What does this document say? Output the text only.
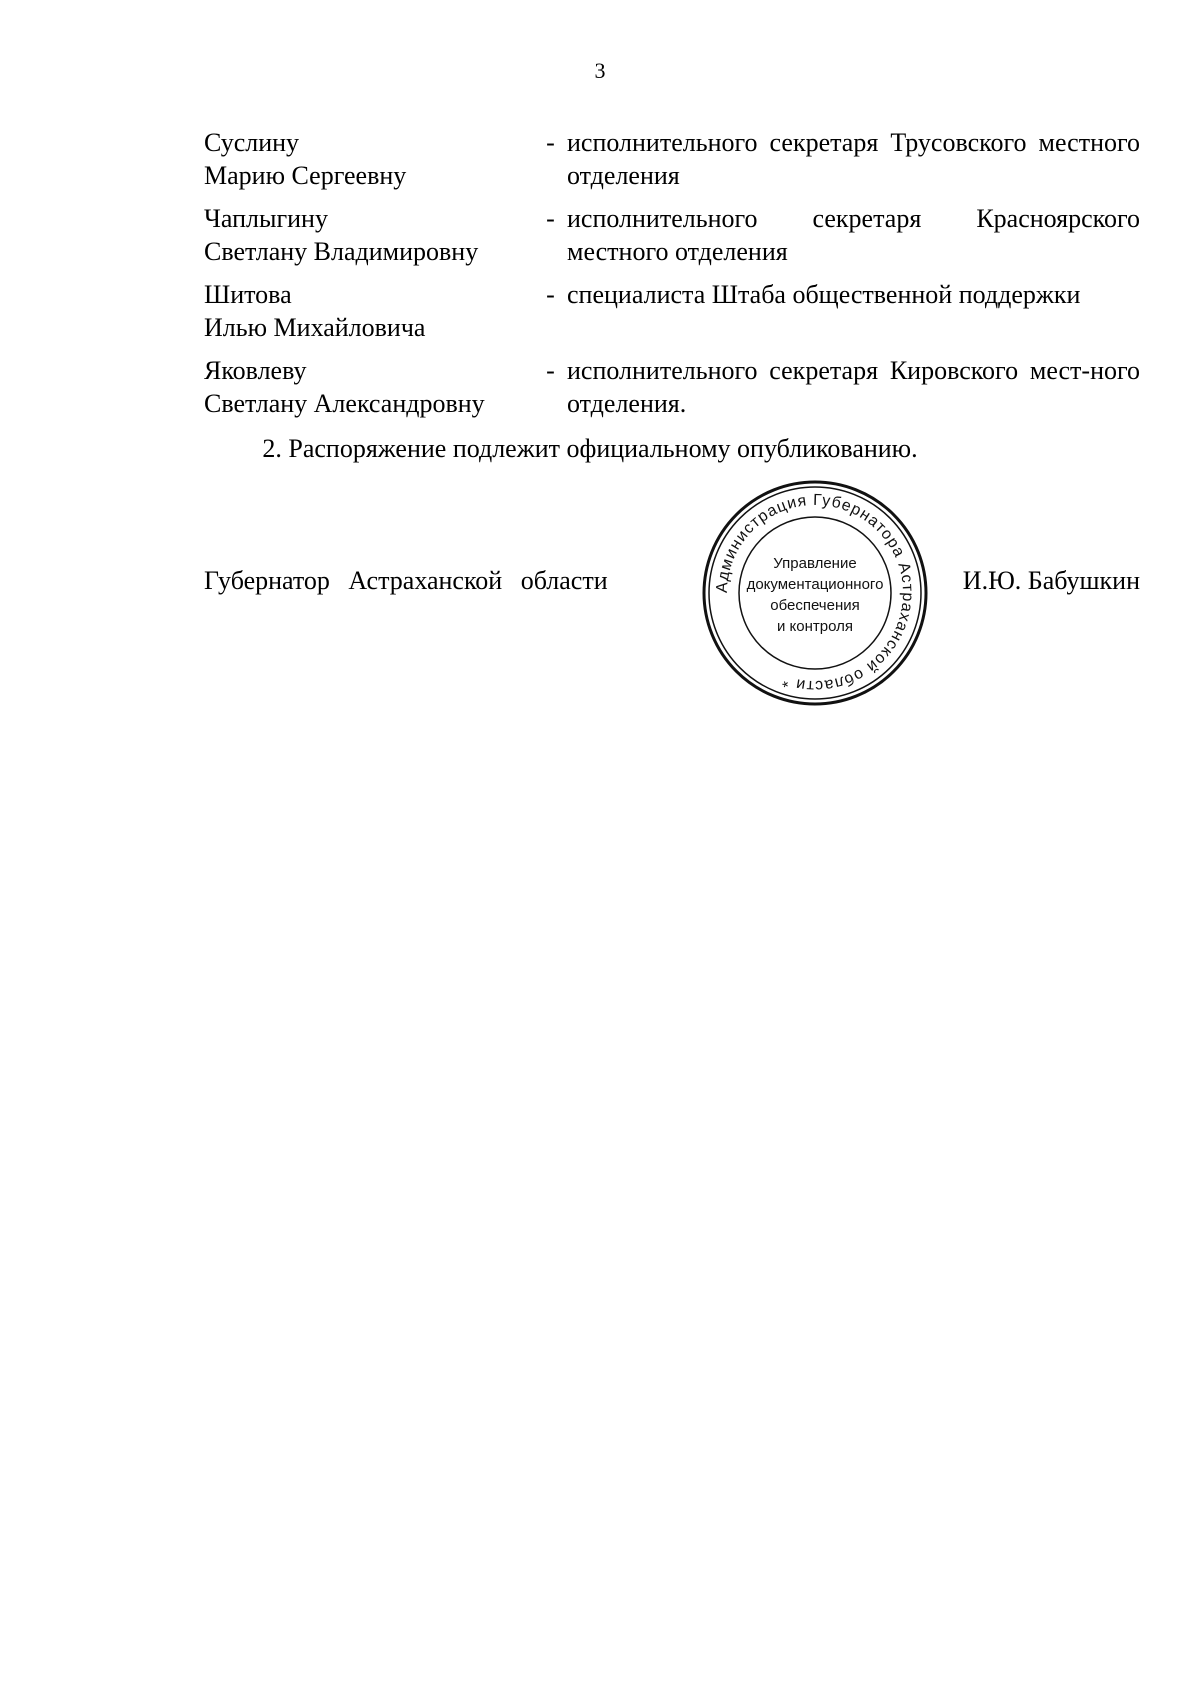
3
Суслину
Марию Сергеевну
- исполнительного секретаря Трусовского местного отделения
Чаплыгину
Светлану Владимировну
- исполнительного секретаря Красноярского местного отделения
Шитова
Илью Михайловича
- специалиста Штаба общественной поддержки
Яковлеву
Светлану Александровну
- исполнительного секретаря Кировского мест-ного отделения.
2. Распоряжение подлежит официальному опубликованию.
Губернатор Астраханской области	И.Ю. Бабушкин
Администрация Губернатора Астраханской области *
Управление
документационного
обеспечения
и контроля
